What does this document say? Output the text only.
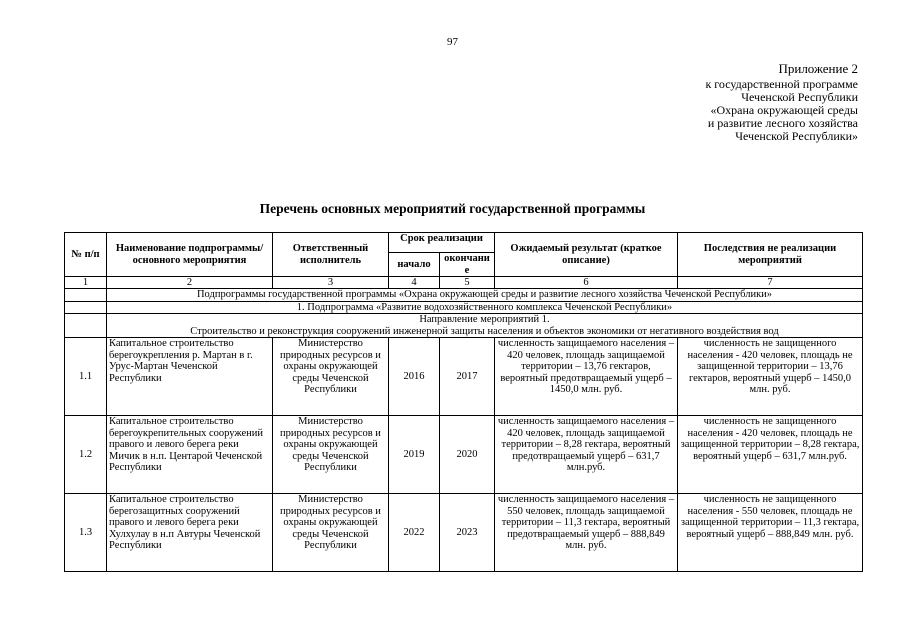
97
Приложение 2
к государственной программе
Чеченской Республики
«Охрана окружающей среды
и развитие лесного хозяйства
Чеченской Республики»
Перечень основных мероприятий государственной программы
№ п/п	Наименование подпрограммы/ основного мероприятия	Ответственный исполнитель	Срок реализации		Ожидаемый результат (краткое описание)	Последствия не реализации мероприятий
			начало	окончание		
1	2	3	4	5	6	7
	Подпрограммы государственной программы «Охрана окружающей среды и развитие лесного хозяйства Чеченской Республики»					
	1. Подпрограмма «Развитие водохозяйственного комплекса Чеченской Республики»					

	Направление мероприятий 1.
Строительство и реконструкция сооружений инженерной защиты населения и объектов экономики от негативного воздействия вод					

1.1	Капитальное строительство берегоукрепления р. Мартан в г. Урус-Мартан Чеченской Республики	Министерство природных ресурсов и охраны окружающей среды Чеченской Республики	2016	2017	численность защищаемого населения – 420 человек, площадь защищаемой территории – 13,76 гектаров, вероятный предотвращаемый ущерб – 1450,0 млн. руб.	численность не защищенного населения - 420 человек, площадь не защищенной территории – 13,76 гектаров, вероятный ущерб – 1450,0 млн. руб.
1.2	Капитальное строительство берегоукрепительных сооружений правого и левого берега реки Мичик в н.п. Центарой Чеченской Республики	Министерство природных ресурсов и охраны окружающей среды Чеченской Республики	2019	2020	численность защищаемого населения – 420 человек, площадь защищаемой территории – 8,28 гектара, вероятный предотвращаемый ущерб – 631,7 млн.руб.	численность не защищенного населения - 420 человек, площадь не защищенной территории – 8,28 гектара, вероятный ущерб – 631,7 млн.руб.
1.3	Капитальное строительство берегозащитных сооружений правого и левого берега реки Хулхулау в н.п Автуры Чеченской Республики	Министерство природных ресурсов и охраны окружающей среды Чеченской Республики	2022	2023	численность защищаемого населения – 550 человек, площадь защищаемой территории – 11,3 гектара, вероятный предотвращаемый ущерб – 888,849 млн. руб.	численность не защищенного населения - 550 человек, площадь не защищенной территории – 11,3 гектара, вероятный ущерб – 888,849 млн. руб.
